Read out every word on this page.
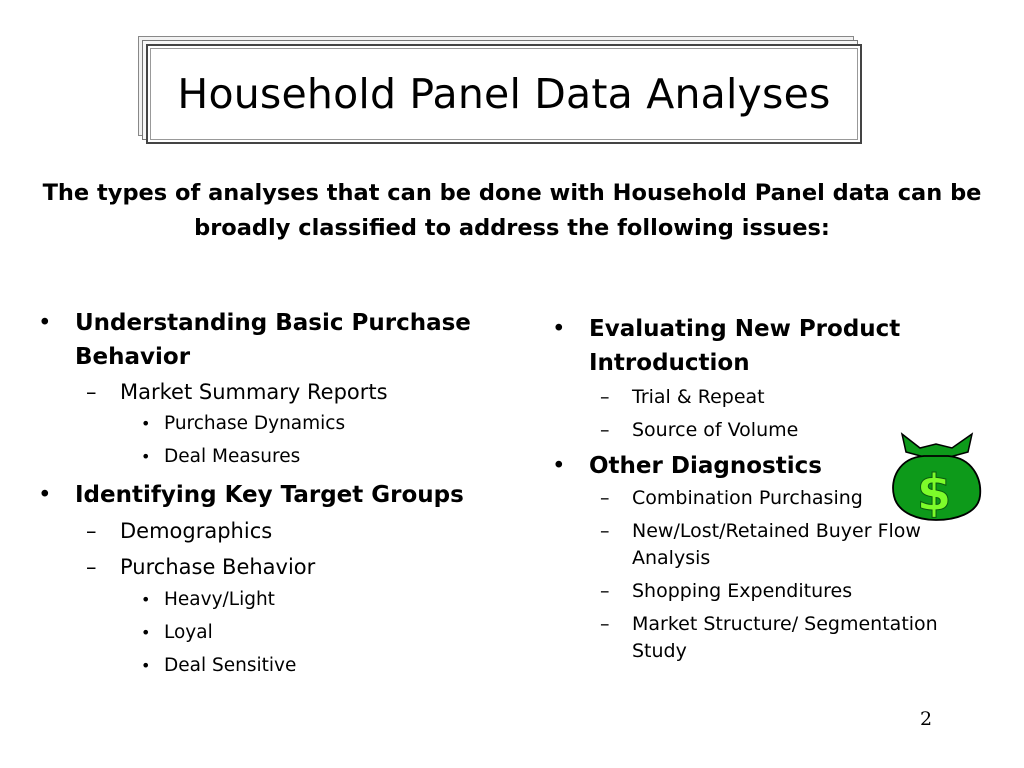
Household Panel Data Analyses
The types of analyses that can be done with Household Panel data can be broadly classified to address the following issues:
• Understanding Basic Purchase Behavior
– Market Summary Reports
• Purchase Dynamics
• Deal Measures
• Identifying Key Target Groups
– Demographics
– Purchase Behavior
• Heavy/Light
• Loyal
• Deal Sensitive
• Evaluating New Product Introduction
– Trial & Repeat
– Source of Volume
• Other Diagnostics
– Combination Purchasing
– New/Lost/Retained Buyer Flow Analysis
– Shopping Expenditures
– Market Structure/ Segmentation Study
$
2
